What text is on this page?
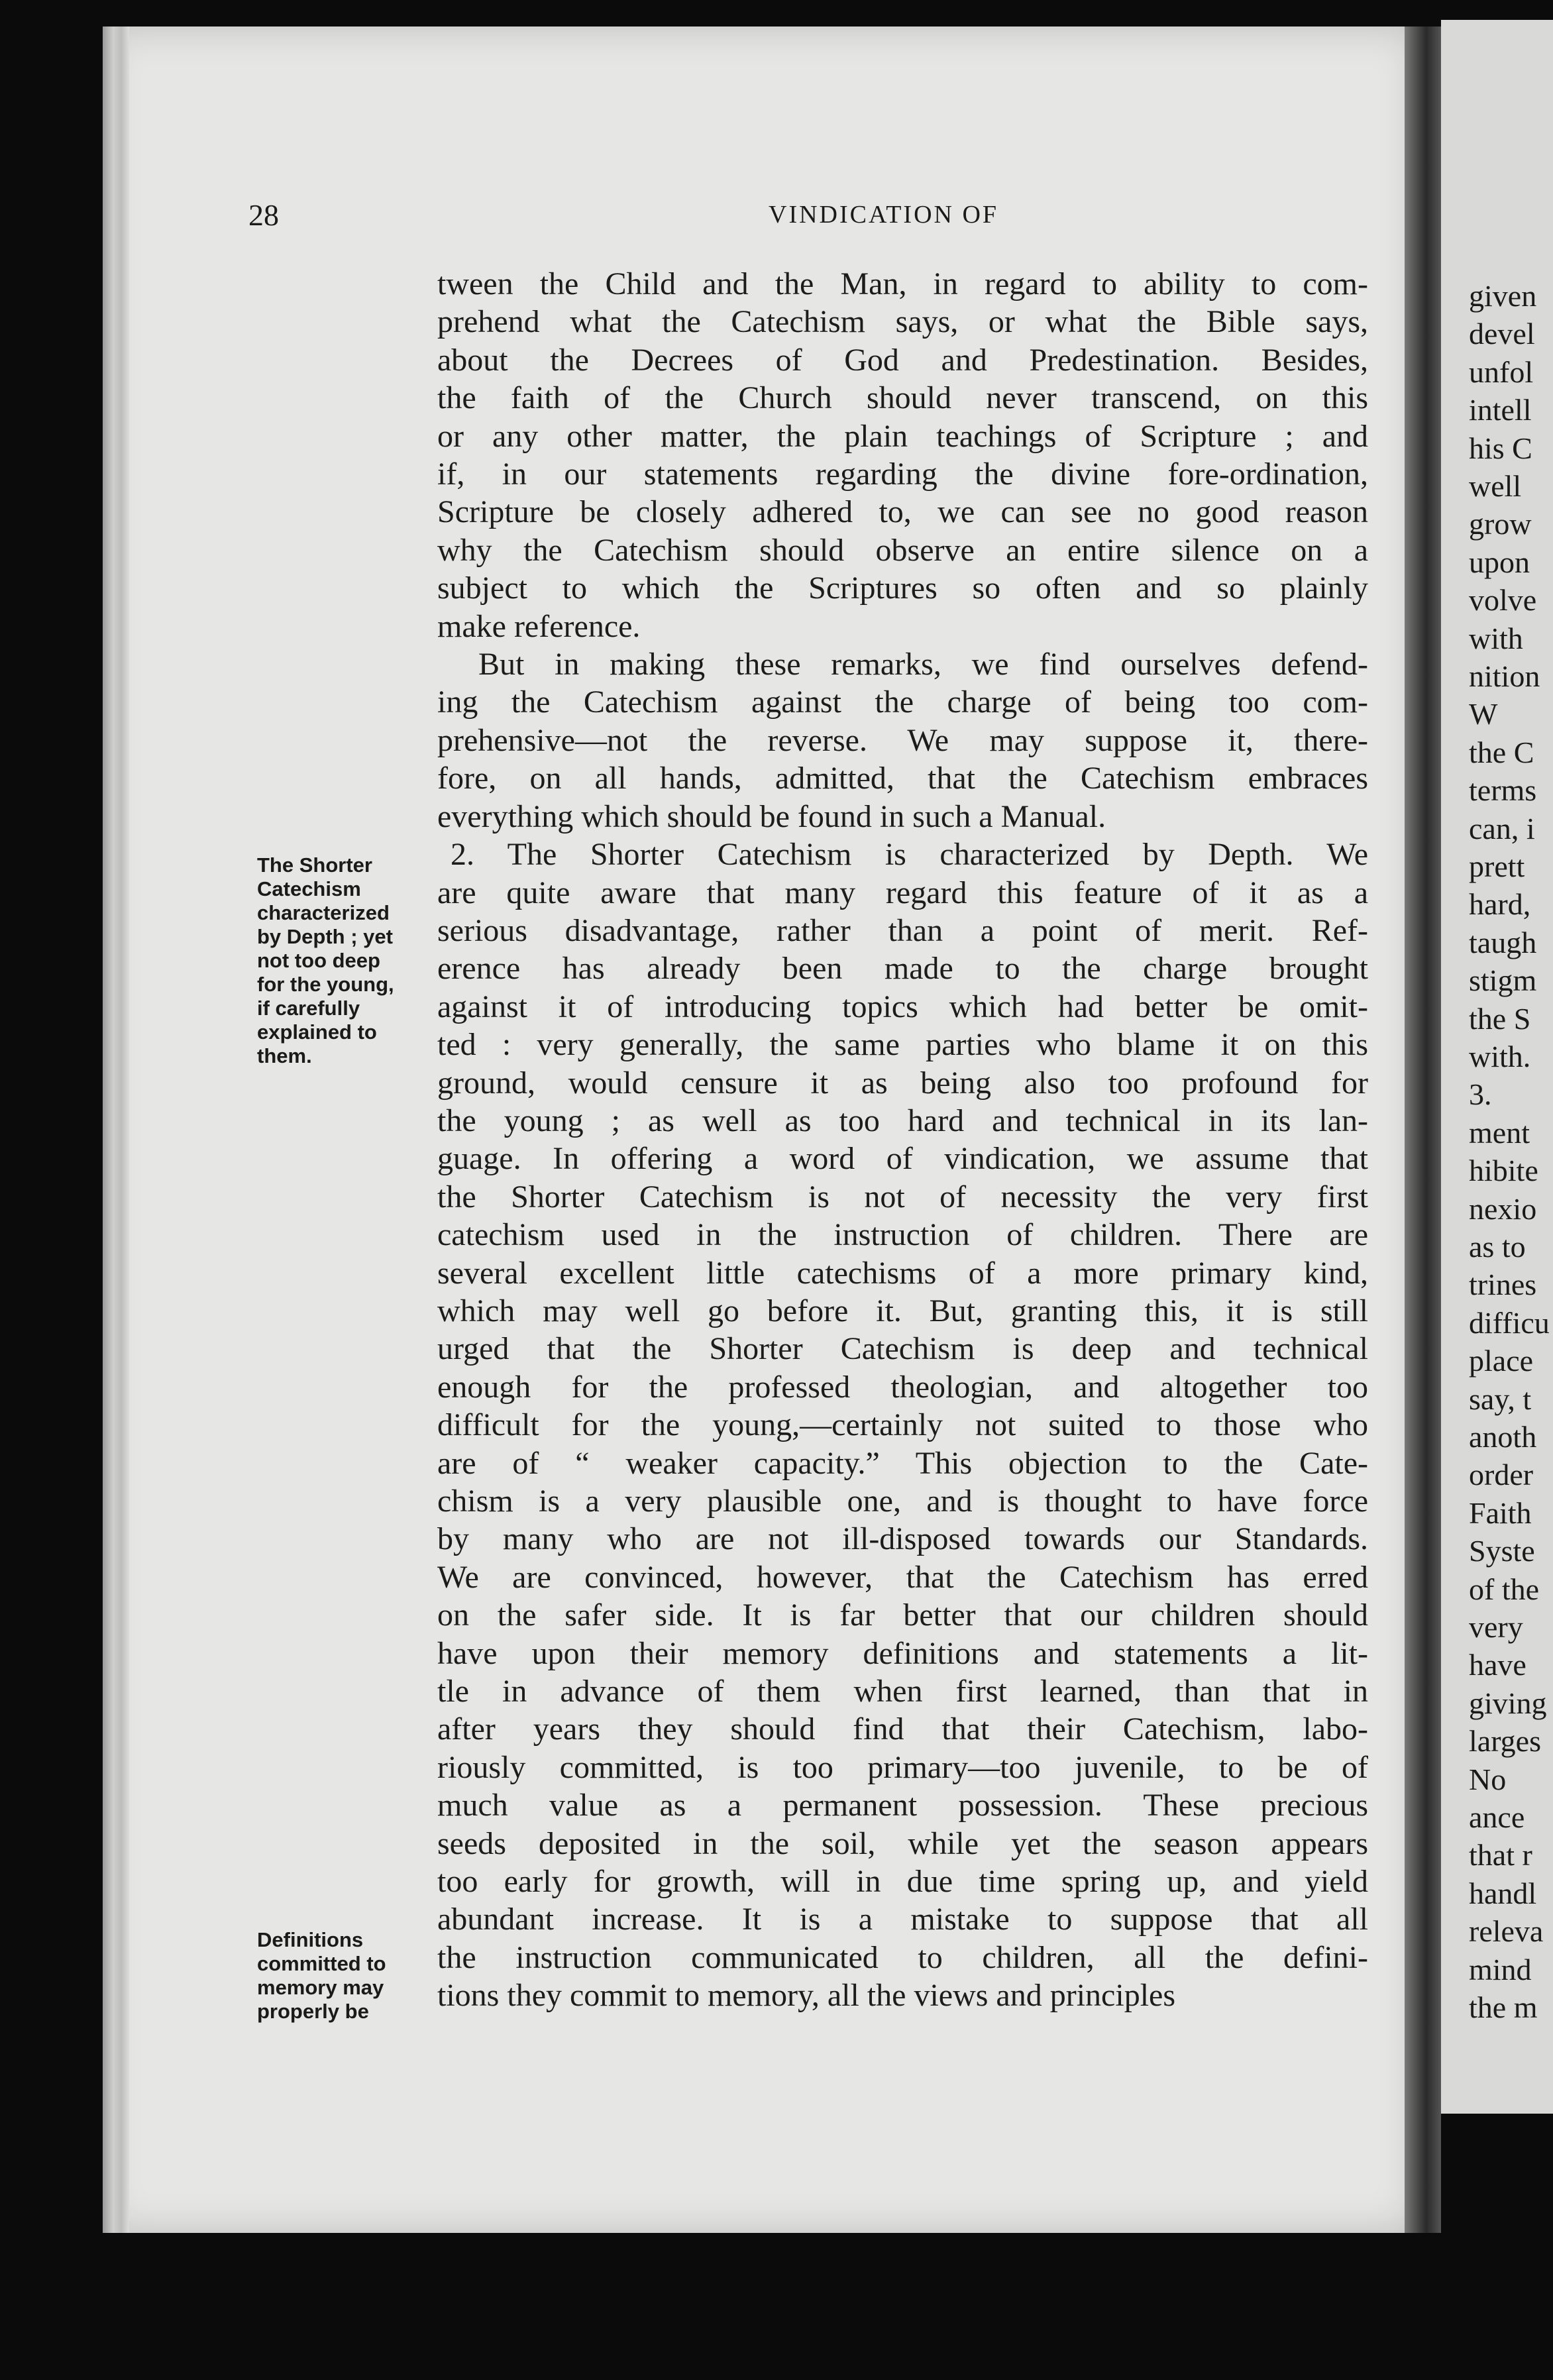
28	VINDICATION OF
The Shorter
Catechism
characterized
by Depth ; yet
not too deep
for the young,
if carefully
explained to
them.
Definitions
committed to
memory may
properly be
tween the Child and the Man, in regard to ability to com-
prehend what the Catechism says, or what the Bible says,
about the Decrees of God and Predestination. Besides,
the faith of the Church should never transcend, on this
or any other matter, the plain teachings of Scripture ; and
if, in our statements regarding the divine fore-ordination,
Scripture be closely adhered to, we can see no good reason
why the Catechism should observe an entire silence on a
subject to which the Scriptures so often and so plainly
make reference.
But in making these remarks, we find ourselves defend-
ing the Catechism against the charge of being too com-
prehensive—not the reverse. We may suppose it, there-
fore, on all hands, admitted, that the Catechism embraces
everything which should be found in such a Manual.
2. The Shorter Catechism is characterized by Depth. We
are quite aware that many regard this feature of it as a
serious disadvantage, rather than a point of merit. Ref-
erence has already been made to the charge brought
against it of introducing topics which had better be omit-
ted : very generally, the same parties who blame it on this
ground, would censure it as being also too profound for
the young ; as well as too hard and technical in its lan-
guage. In offering a word of vindication, we assume that
the Shorter Catechism is not of necessity the very first
catechism used in the instruction of children. There are
several excellent little catechisms of a more primary kind,
which may well go before it. But, granting this, it is still
urged that the Shorter Catechism is deep and technical
enough for the professed theologian, and altogether too
difficult for the young,—certainly not suited to those who
are of “ weaker capacity.” This objection to the Cate-
chism is a very plausible one, and is thought to have force
by many who are not ill-disposed towards our Standards.
We are convinced, however, that the Catechism has erred
on the safer side. It is far better that our children should
have upon their memory definitions and statements a lit-
tle in advance of them when first learned, than that in
after years they should find that their Catechism, labo-
riously committed, is too primary—too juvenile, to be of
much value as a permanent possession. These precious
seeds deposited in the soil, while yet the season appears
too early for growth, will in due time spring up, and yield
abundant increase. It is a mistake to suppose that all
the instruction communicated to children, all the defini-
tions they commit to memory, all the views and principles
given
devel
unfol
intell
his C
well
grow
upon
volve
with
nition
W
the C
terms
can, i
prett
hard,
taugh
stigm
the S
with.
3.
ment
hibite
nexio
as to
trines
difficu
place
say, t
anoth
order
Faith
Syste
of the
very
have
giving
larges
No
ance
that r
handl
releva
mind
the m
